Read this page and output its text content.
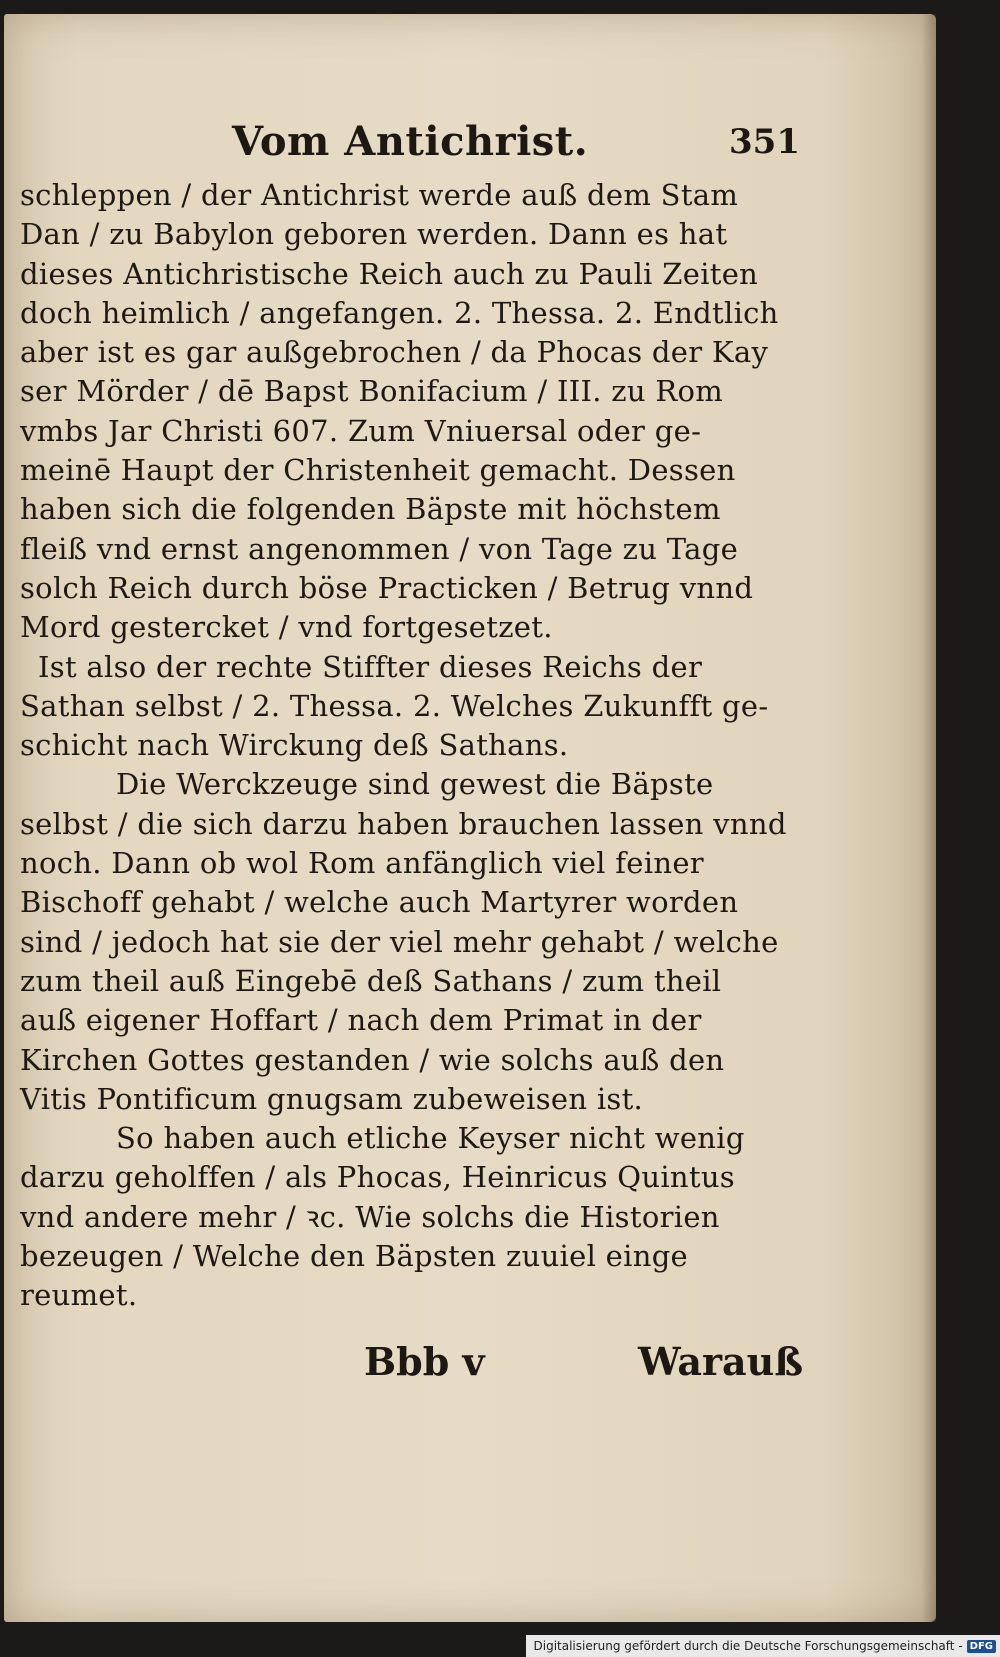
Vom Antichrist.	351
schleppen / der Antichrist werde auß dem Stam
Dan / zu Babylon geboren werden. Dann es hat
dieses Antichristische Reich auch zu Pauli Zeiten
doch heimlich / angefangen. 2. Thessa. 2. Endtlich
aber ist es gar außgebrochen / da Phocas der Kay
ser Mörder / dē Bapst Bonifacium / III. zu Rom
vmbs Jar Christi 607. Zum Vniuersal oder ge-
meinē Haupt der Christenheit gemacht. Dessen
haben sich die folgenden Bäpste mit höchstem
fleiß vnd ernst angenommen / von Tage zu Tage
solch Reich durch böse Practicken / Betrug vnnd
Mord gestercket / vnd fortgesetzet.
Ist also der rechte Stiffter dieses Reichs der
Sathan selbst / 2. Thessa. 2. Welches Zukunfft ge-
schicht nach Wirckung deß Sathans.
Die Werckzeuge sind gewest die Bäpste
selbst / die sich darzu haben brauchen lassen vnnd
noch. Dann ob wol Rom anfänglich viel feiner
Bischoff gehabt / welche auch Martyrer worden
sind / jedoch hat sie der viel mehr gehabt / welche
zum theil auß Eingebē deß Sathans / zum theil
auß eigener Hoffart / nach dem Primat in der
Kirchen Gottes gestanden / wie solchs auß den
Vitis Pontificum gnugsam zubeweisen ist.
So haben auch etliche Keyser nicht wenig
darzu geholffen / als Phocas, Heinricus Quintus
vnd andere mehr / ꝛc. Wie solchs die Historien
bezeugen / Welche den Bäpsten zuuiel einge
reumet.
Bbb v	Warauß
Digitalisierung gefördert durch die Deutsche Forschungsgemeinschaft - DFG
